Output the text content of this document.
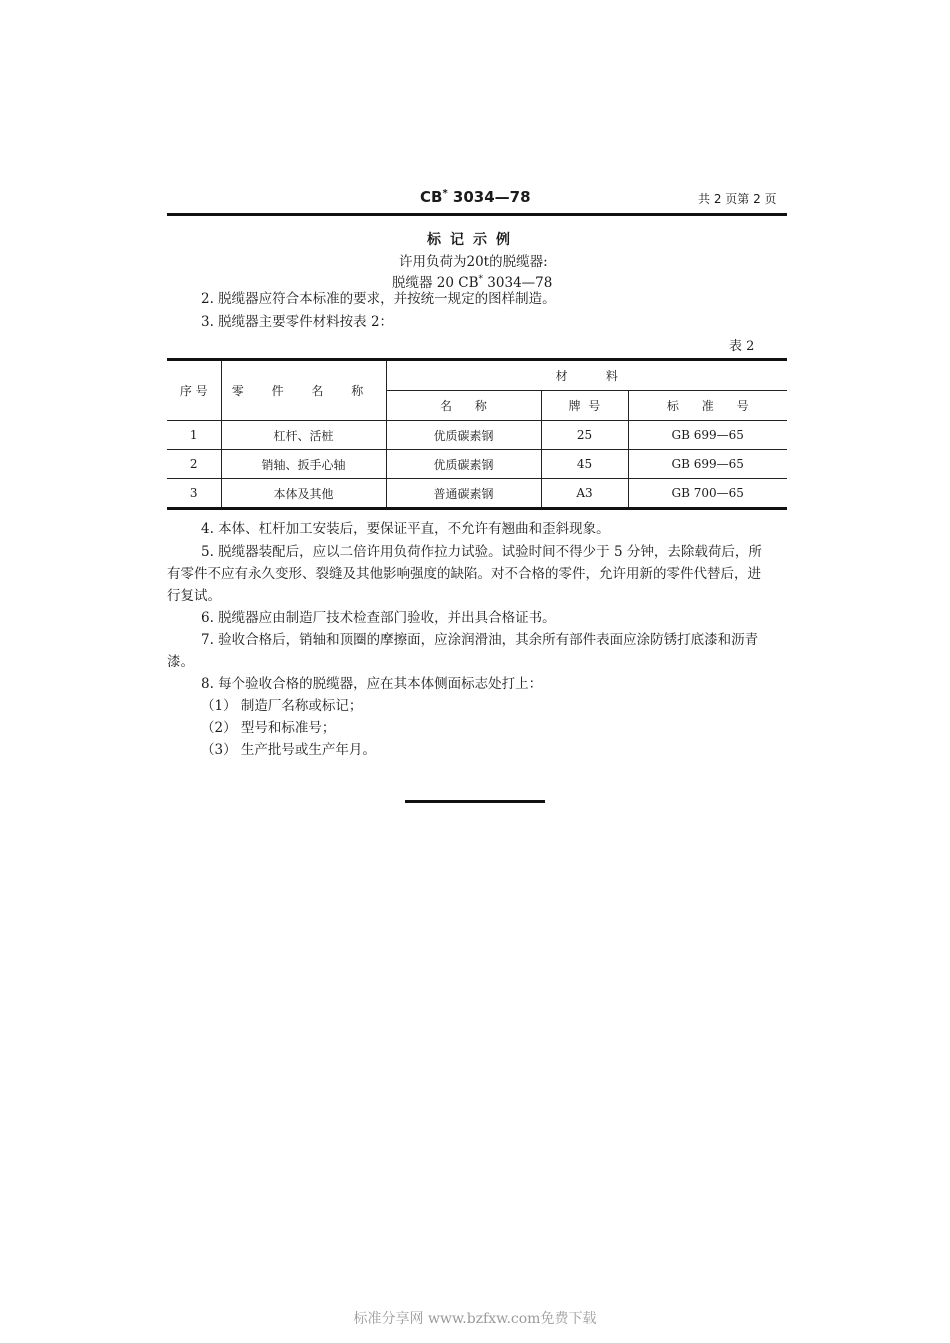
CB* 3034—78	共 2 页第 2 页
标记示例
许用负荷为20t的脱缆器:
脱缆器 20 CB* 3034—78
2. 脱缆器应符合本标准的要求，并按统一规定的图样制造。
3. 脱缆器主要零件材料按表 2：
表 2
序 号	零 件 名 称	材          料		
		名      称	牌  号	标      准      号
1	杠杆、活桩	优质碳素钢	25	GB 699—65
2	销轴、扳手心轴	优质碳素钢	45	GB 699—65
3	本体及其他	普通碳素钢	A3	GB 700—65
4. 本体、杠杆加工安装后，要保证平直，不允许有翘曲和歪斜现象。
5. 脱缆器装配后，应以二倍许用负荷作拉力试验。试验时间不得少于 5 分钟，去除载荷后，所
有零件不应有永久变形、裂缝及其他影响强度的缺陷。对不合格的零件，允许用新的零件代替后，进
行复试。
6. 脱缆器应由制造厂技术检查部门验收，并出具合格证书。
7. 验收合格后，销轴和顶圈的摩擦面，应涂润滑油，其余所有部件表面应涂防锈打底漆和沥青
漆。
8. 每个验收合格的脱缆器，应在其本体侧面标志处打上：
（1） 制造厂名称或标记；
（2） 型号和标准号；
（3） 生产批号或生产年月。
标准分享网 www.bzfxw.com免费下载
